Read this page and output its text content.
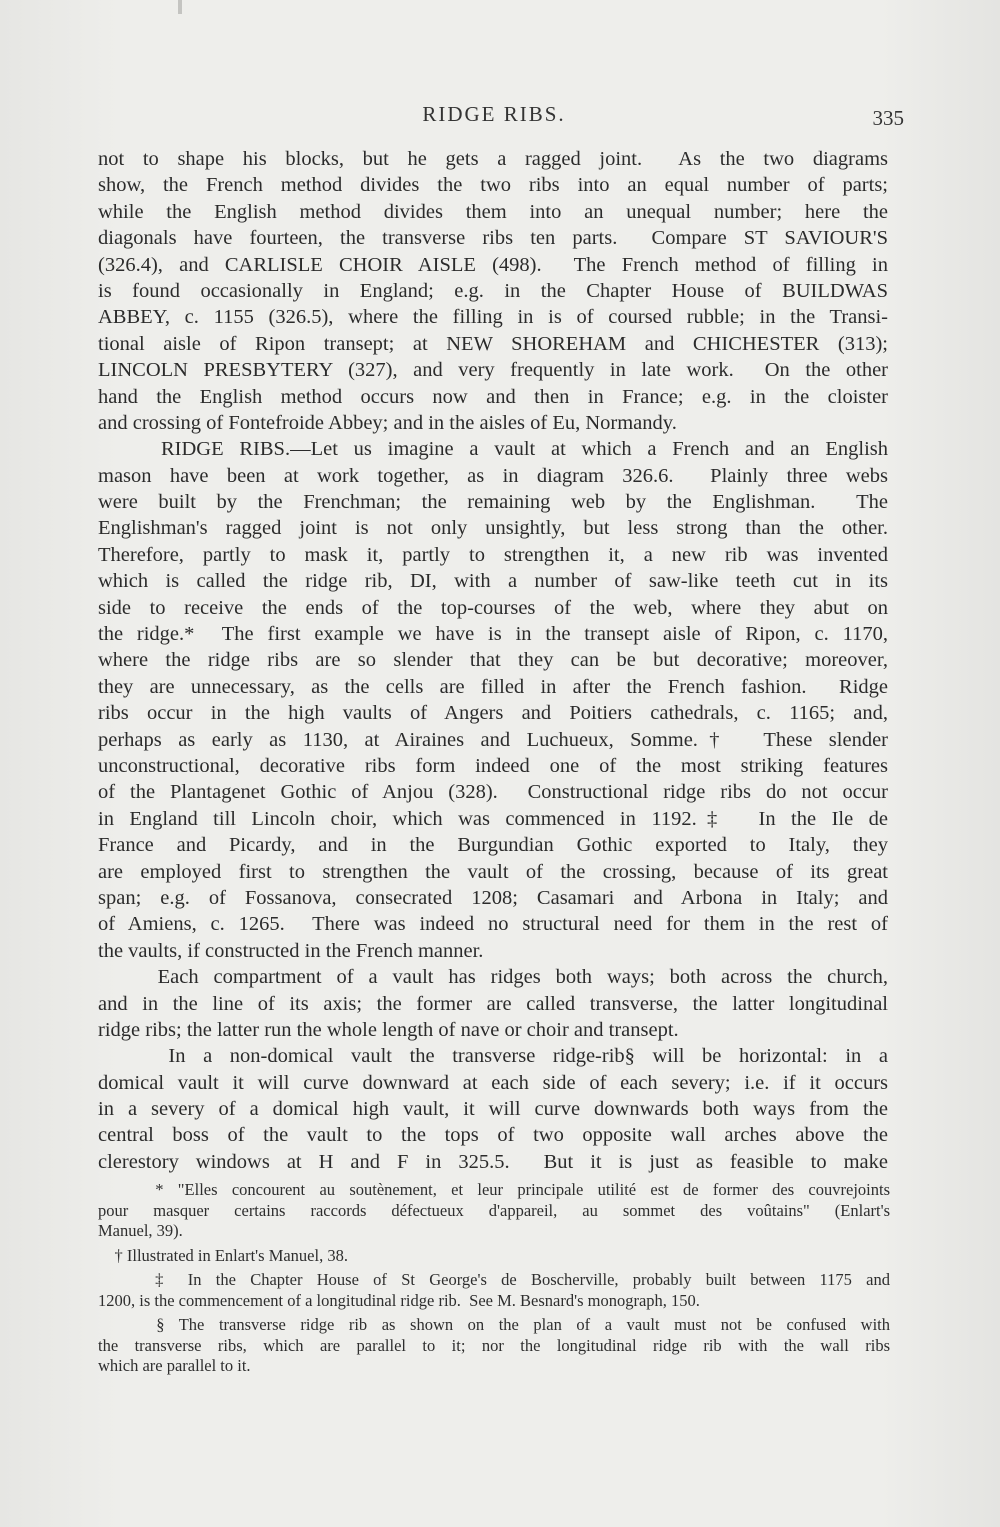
RIDGE RIBS.	335
not to shape his blocks, but he gets a ragged joint.  As the two diagrams
show, the French method divides the two ribs into an equal number of parts;
while the English method divides them into an unequal number; here the
diagonals have fourteen, the transverse ribs ten parts.  Compare ST SAVIOUR'S
(326.4), and CARLISLE CHOIR AISLE (498).  The French method of filling in
is found occasionally in England; e.g. in the Chapter House of BUILDWAS
ABBEY, c. 1155 (326.5), where the filling in is of coursed rubble; in the Transi-
tional aisle of Ripon transept; at NEW SHOREHAM and CHICHESTER (313);
LINCOLN PRESBYTERY (327), and very frequently in late work.  On the other
hand the English method occurs now and then in France; e.g. in the cloister
and crossing of Fontefroide Abbey; and in the aisles of Eu, Normandy.
RIDGE RIBS.—Let us imagine a vault at which a French and an English
mason have been at work together, as in diagram 326.6.  Plainly three webs
were built by the Frenchman; the remaining web by the Englishman.  The
Englishman's ragged joint is not only unsightly, but less strong than the other.
Therefore, partly to mask it, partly to strengthen it, a new rib was invented
which is called the ridge rib, DI, with a number of saw-like teeth cut in its
side to receive the ends of the top-courses of the web, where they abut on
the ridge.*  The first example we have is in the transept aisle of Ripon, c. 1170,
where the ridge ribs are so slender that they can be but decorative; moreover,
they are unnecessary, as the cells are filled in after the French fashion.  Ridge
ribs occur in the high vaults of Angers and Poitiers cathedrals, c. 1165; and,
perhaps as early as 1130, at Airaines and Luchueux, Somme.†  These slender
unconstructional, decorative ribs form indeed one of the most striking features
of the Plantagenet Gothic of Anjou (328).  Constructional ridge ribs do not occur
in England till Lincoln choir, which was commenced in 1192.‡  In the Ile de
France and Picardy, and in the Burgundian Gothic exported to Italy, they
are employed first to strengthen the vault of the crossing, because of its great
span; e.g. of Fossanova, consecrated 1208; Casamari and Arbona in Italy; and
of Amiens, c. 1265.  There was indeed no structural need for them in the rest of
the vaults, if constructed in the French manner.
Each compartment of a vault has ridges both ways; both across the church,
and in the line of its axis; the former are called transverse, the latter longitudinal
ridge ribs; the latter run the whole length of nave or choir and transept.
In a non-domical vault the transverse ridge-rib§ will be horizontal: in a
domical vault it will curve downward at each side of each severy; i.e. if it occurs
in a severy of a domical high vault, it will curve downwards both ways from the
central boss of the vault to the tops of two opposite wall arches above the
clerestory windows at H and F in 325.5.  But it is just as feasible to make
* "Elles concourent au soutènement, et leur principale utilité est de former des couvrejoints
pour masquer certains raccords défectueux d'appareil, au sommet des voûtains" (Enlart's
Manuel, 39).
† Illustrated in Enlart's Manuel, 38.
‡ In the Chapter House of St George's de Boscherville, probably built between 1175 and
1200, is the commencement of a longitudinal ridge rib.  See M. Besnard's monograph, 150.
§ The transverse ridge rib as shown on the plan of a vault must not be confused with
the transverse ribs, which are parallel to it; nor the longitudinal ridge rib with the wall ribs
which are parallel to it.
